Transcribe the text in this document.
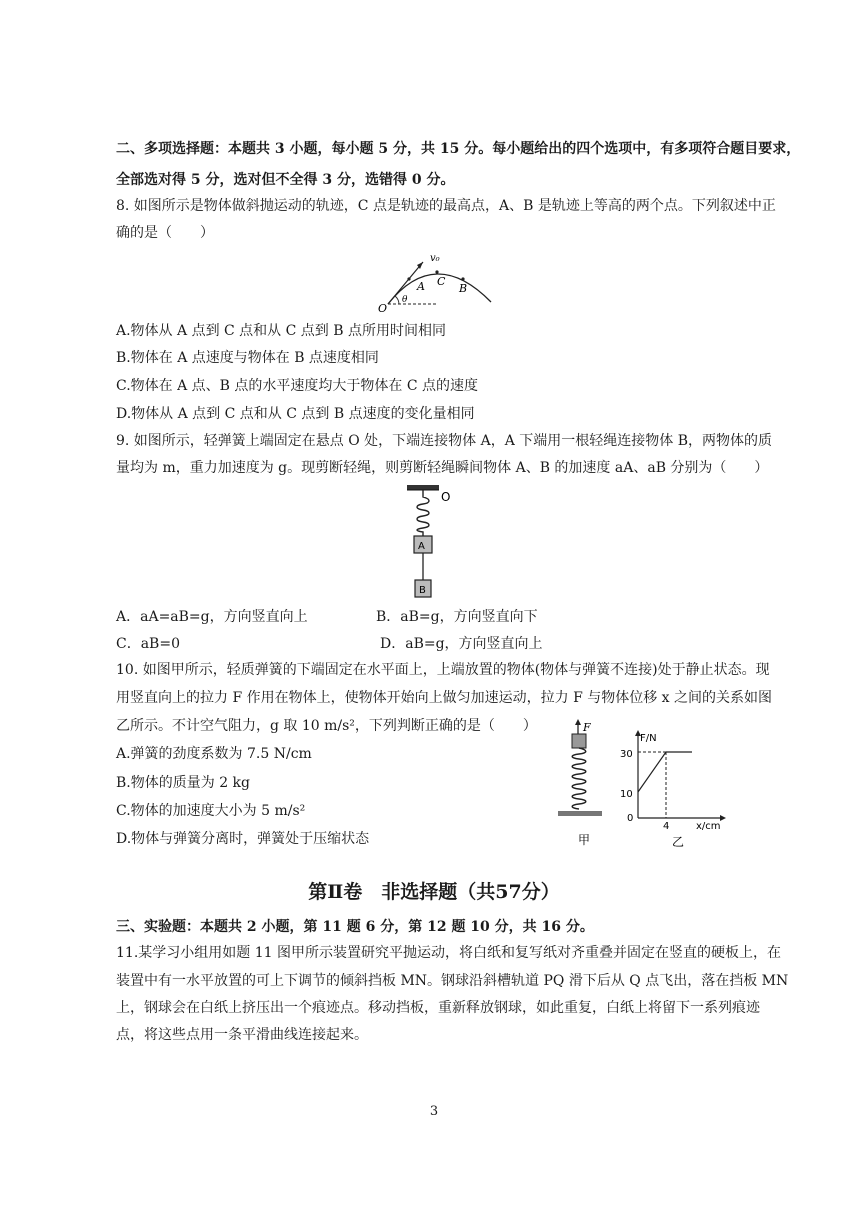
二、多项选择题：本题共 3 小题，每小题 5 分，共 15 分。每小题给出的四个选项中，有多项符合题目要求，
全部选对得 5 分，选对但不全得 3 分，选错得 0 分。
8. 如图所示是物体做斜抛运动的轨迹，C 点是轨迹的最高点，A、B 是轨迹上等高的两个点。下列叙述中正
确的是（　　）
v₀
A C
B
O
θ
A.物体从 A 点到 C 点和从 C 点到 B 点所用时间相同
B.物体在 A 点速度与物体在 B 点速度相同
C.物体在 A 点、B 点的水平速度均大于物体在 C 点的速度
D.物体从 A 点到 C 点和从 C 点到 B 点速度的变化量相同
9. 如图所示，轻弹簧上端固定在悬点 O 处，下端连接物体 A，A 下端用一根轻绳连接物体 B，两物体的质
量均为 m，重力加速度为 g。现剪断轻绳，则剪断轻绳瞬间物体 A、B 的加速度 aA、aB 分别为（　　）
O
A
B
A．aA=aB=g，方向竖直向上	B．aB=g，方向竖直向下
C．aB=0	D．aB=g，方向竖直向上
10. 如图甲所示，轻质弹簧的下端固定在水平面上，上端放置的物体(物体与弹簧不连接)处于静止状态。现
用竖直向上的拉力 F 作用在物体上，使物体开始向上做匀加速运动，拉力 F 与物体位移 x 之间的关系如图
乙所示。不计空气阻力，g 取 10 m/s²，下列判断正确的是（　　）
A.弹簧的劲度系数为 7.5 N/cm
B.物体的质量为 2 kg
C.物体的加速度大小为 5 m/s²
D.物体与弹簧分离时，弹簧处于压缩状态
F
甲
F/N
x/cm
30
10
0
4
乙
第Ⅱ卷　非选择题（共57分）
三、实验题：本题共 2 小题，第 11 题 6 分，第 12 题 10 分，共 16 分。
11.某学习小组用如题 11 图甲所示装置研究平抛运动，将白纸和复写纸对齐重叠并固定在竖直的硬板上，在
装置中有一水平放置的可上下调节的倾斜挡板 MN。钢球沿斜槽轨道 PQ 滑下后从 Q 点飞出，落在挡板 MN
上，钢球会在白纸上挤压出一个痕迹点。移动挡板，重新释放钢球，如此重复，白纸上将留下一系列痕迹
点，将这些点用一条平滑曲线连接起来。
3
